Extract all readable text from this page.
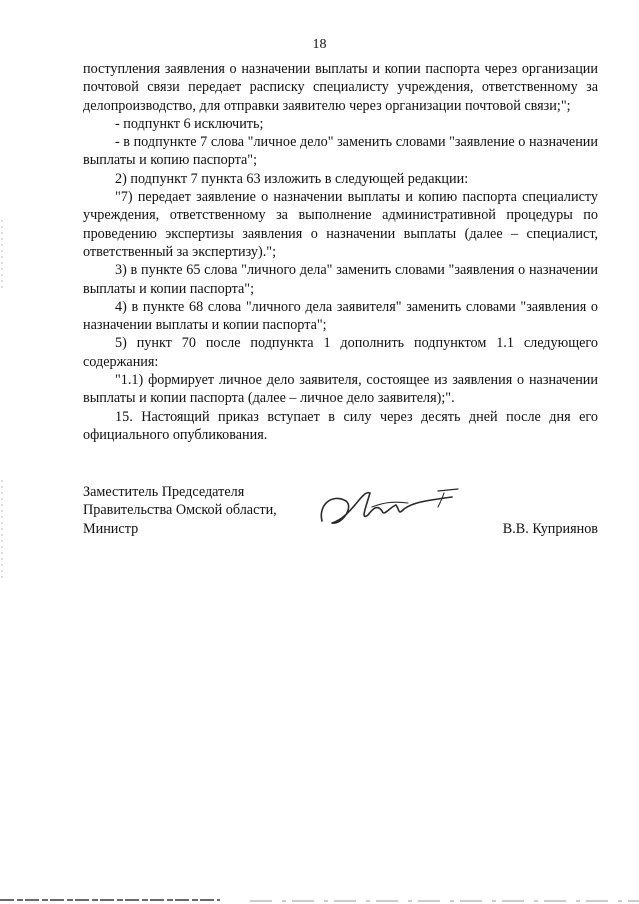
18

поступления заявления о назначении выплаты и копии паспорта через организации почтовой связи передает расписку специалисту учреждения, ответственному за делопроизводство, для отправки заявителю через организации почтовой связи;";

- подпункт 6 исключить;

- в подпункте 7 слова "личное дело" заменить словами "заявление о назначении выплаты и копию паспорта";

2) подпункт 7 пункта 63 изложить в следующей редакции:

"7) передает заявление о назначении выплаты и копию паспорта специалисту учреждения, ответственному за выполнение административной процедуры по проведению экспертизы заявления о назначении выплаты (далее – специалист, ответственный за экспертизу).";

3) в пункте 65 слова "личного дела" заменить словами "заявления о назначении выплаты и копии паспорта";

4) в пункте 68 слова "личного дела заявителя" заменить словами "заявления о назначении выплаты и копии паспорта";

5) пункт 70 после подпункта 1 дополнить подпунктом 1.1 следующего содержания:

"1.1) формирует личное дело заявителя, состоящее из заявления о назначении выплаты и копии паспорта (далее – личное дело заявителя);".

15. Настоящий приказ вступает в силу через десять дней после дня его официального опубликования.

Заместитель Председателя
Правительства Омской области,
Министр	В.В. Куприянов
